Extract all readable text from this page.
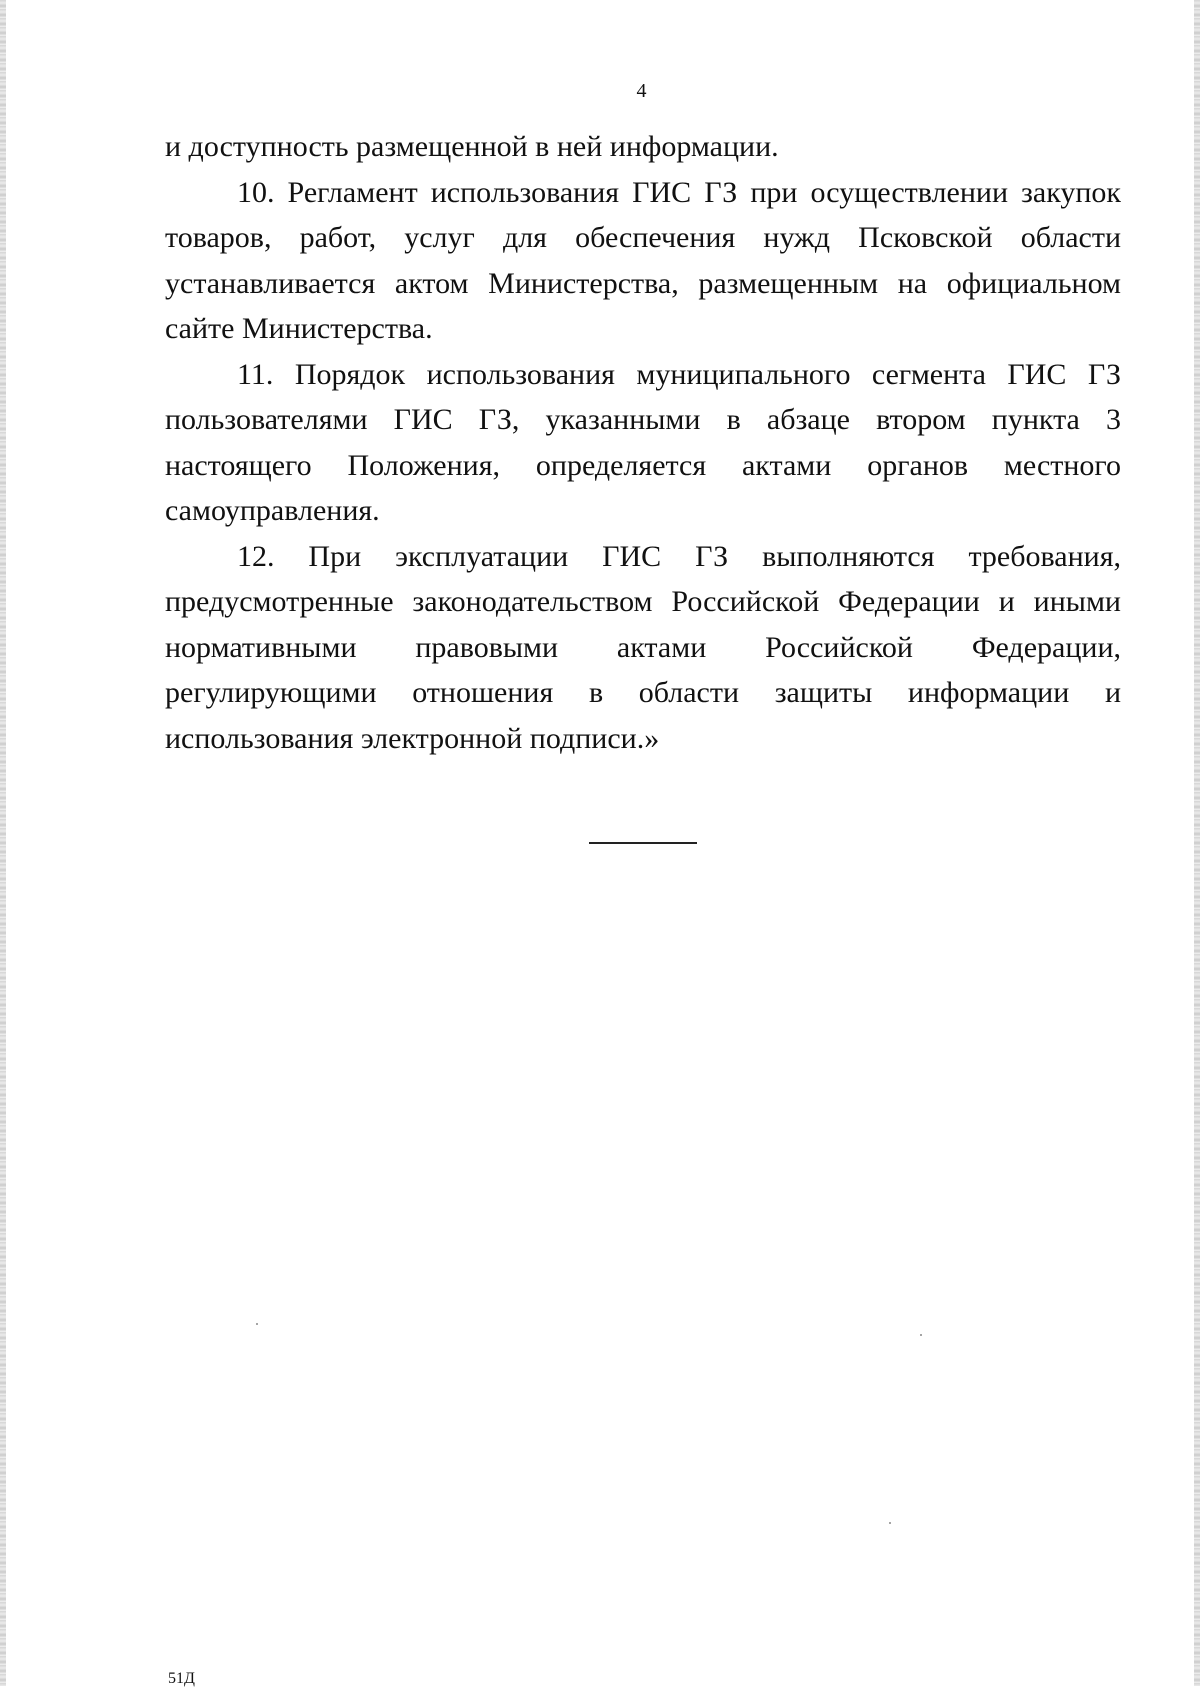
4

и доступность размещенной в ней информации.

10. Регламент использования ГИС ГЗ при осуществлении закупок товаров, работ, услуг для обеспечения нужд Псковской области устанавливается актом Министерства, размещенным на официальном сайте Министерства.

11. Порядок использования муниципального сегмента ГИС ГЗ пользователями ГИС ГЗ, указанными в абзаце втором пункта 3 настоящего Положения, определяется актами органов местного самоуправления.

12. При эксплуатации ГИС ГЗ выполняются требования, предусмотренные законодательством Российской Федерации и иными нормативными правовыми актами Российской Федерации, регулирующими отношения в области защиты информации и использования электронной подписи.»

51Д
